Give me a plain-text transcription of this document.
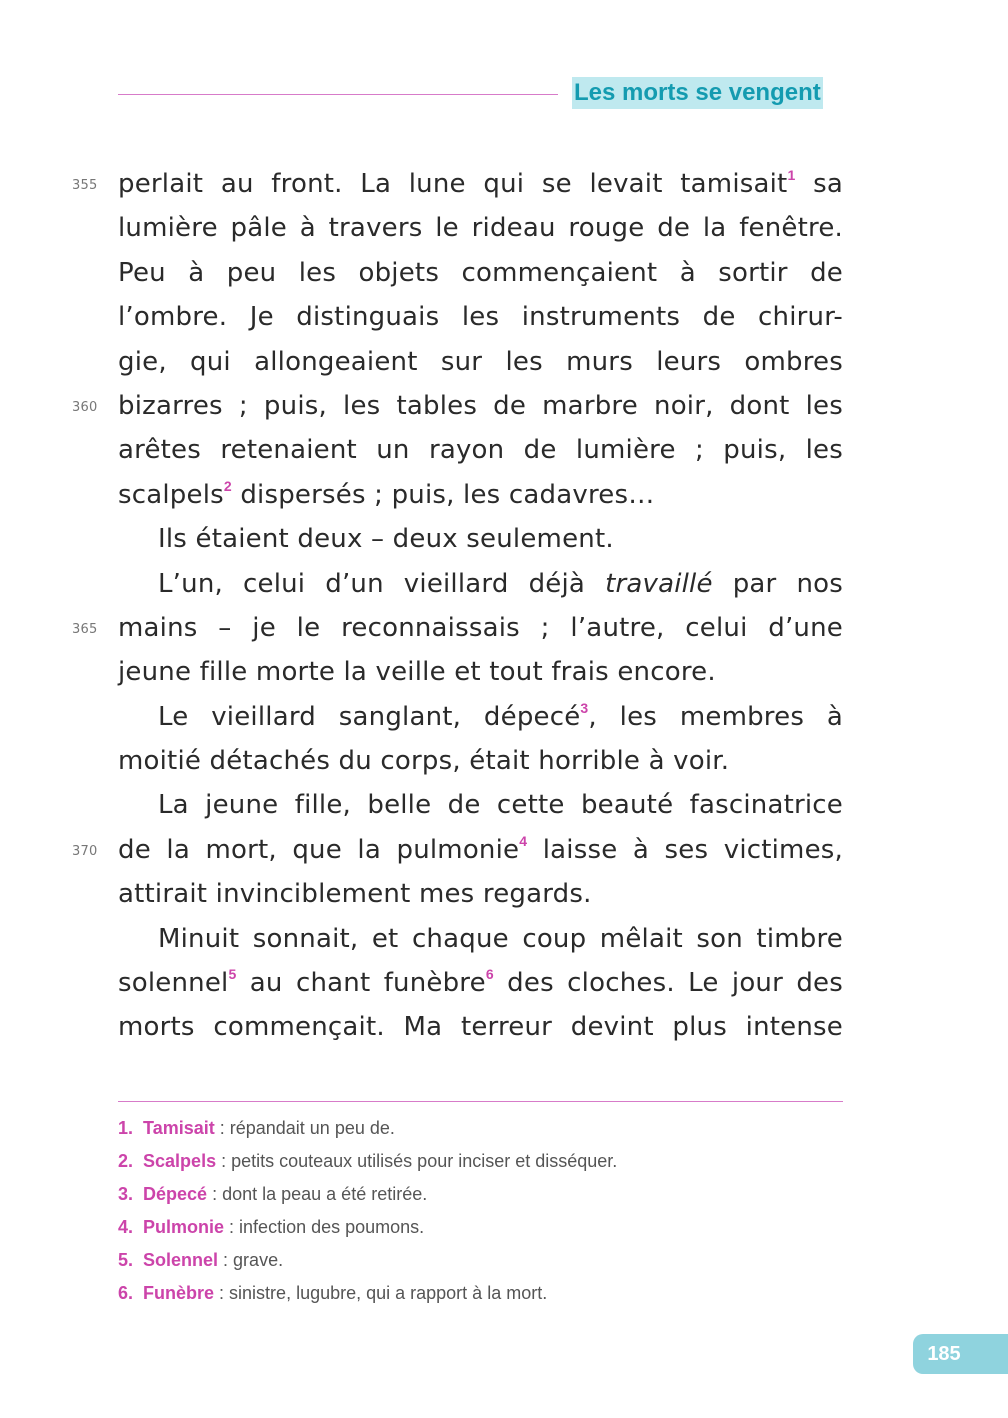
Les morts se vengent
355 perlait au front. La lune qui se levait tamisait$^1$ sa
lumière pâle à travers le rideau rouge de la fenêtre.
Peu à peu les objets commençaient à sortir de
l’ombre. Je distinguais les instruments de chirur-
gie, qui allongeaient sur les murs leurs ombres
360 bizarres ; puis, les tables de marbre noir, dont les
arêtes retenaient un rayon de lumière ; puis, les
scalpels$^2$ dispersés ; puis, les cadavres…
Ils étaient deux – deux seulement.
L’un, celui d’un vieillard déjà travaillé par nos
365 mains – je le reconnaissais ; l’autre, celui d’une
jeune fille morte la veille et tout frais encore.
Le vieillard sanglant, dépecé$^3$, les membres à
moitié détachés du corps, était horrible à voir.
La jeune fille, belle de cette beauté fascinatrice
370 de la mort, que la pulmonie$^4$ laisse à ses victimes,
attirait invinciblement mes regards.
Minuit sonnait, et chaque coup mêlait son timbre
solennel$^5$ au chant funèbre$^6$ des cloches. Le jour des
morts commençait. Ma terreur devint plus intense
1. Tamisait : répandait un peu de.
2. Scalpels : petits couteaux utilisés pour inciser et disséquer.
3. Dépecé : dont la peau a été retirée.
4. Pulmonie : infection des poumons.
5. Solennel : grave.
6. Funèbre : sinistre, lugubre, qui a rapport à la mort.
185
